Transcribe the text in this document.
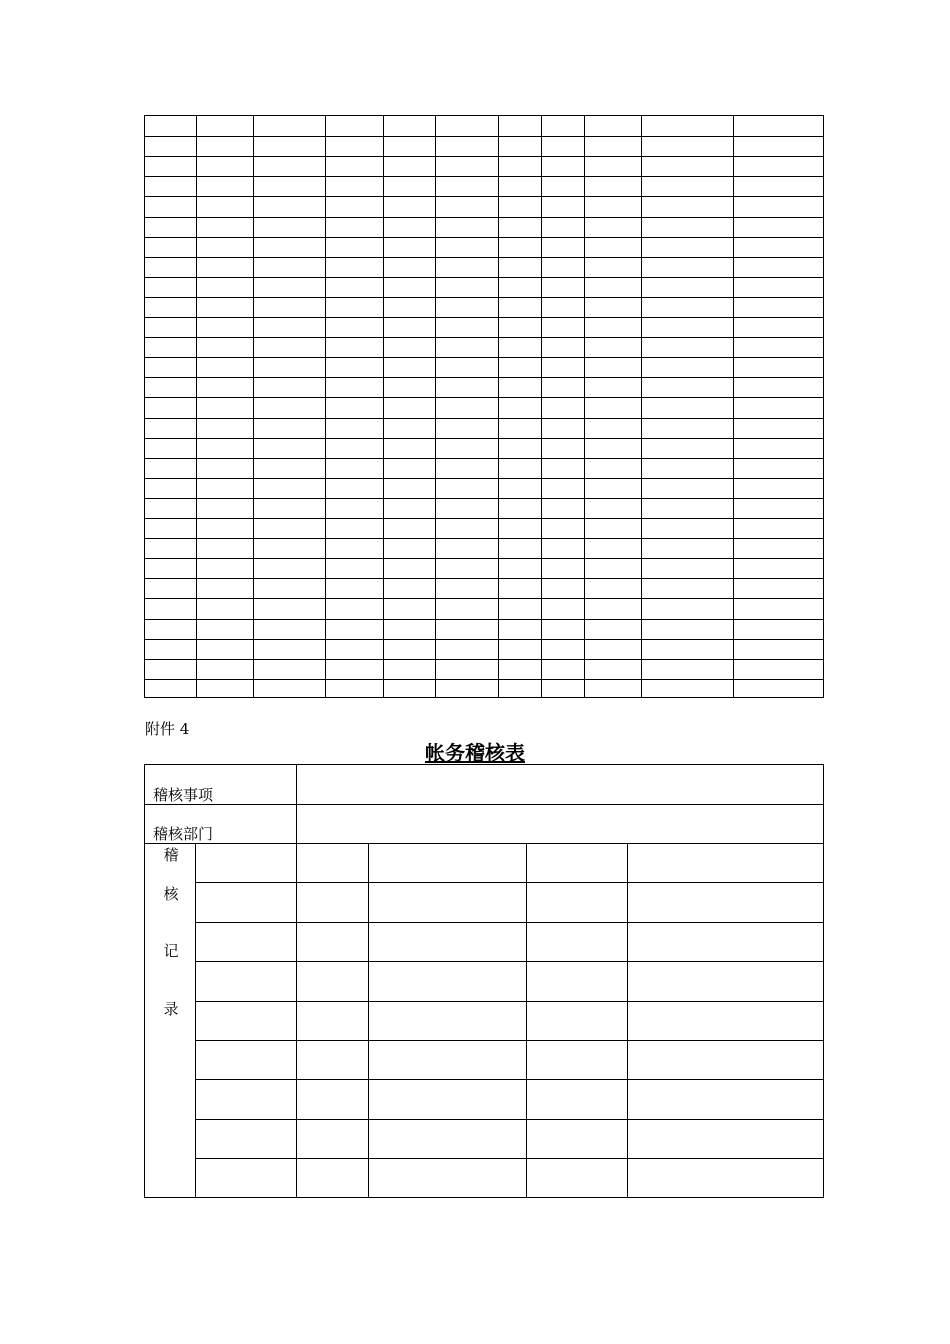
附件 4
帐务稽核表
稽核事项
稽核部门
稽
核
记
录
